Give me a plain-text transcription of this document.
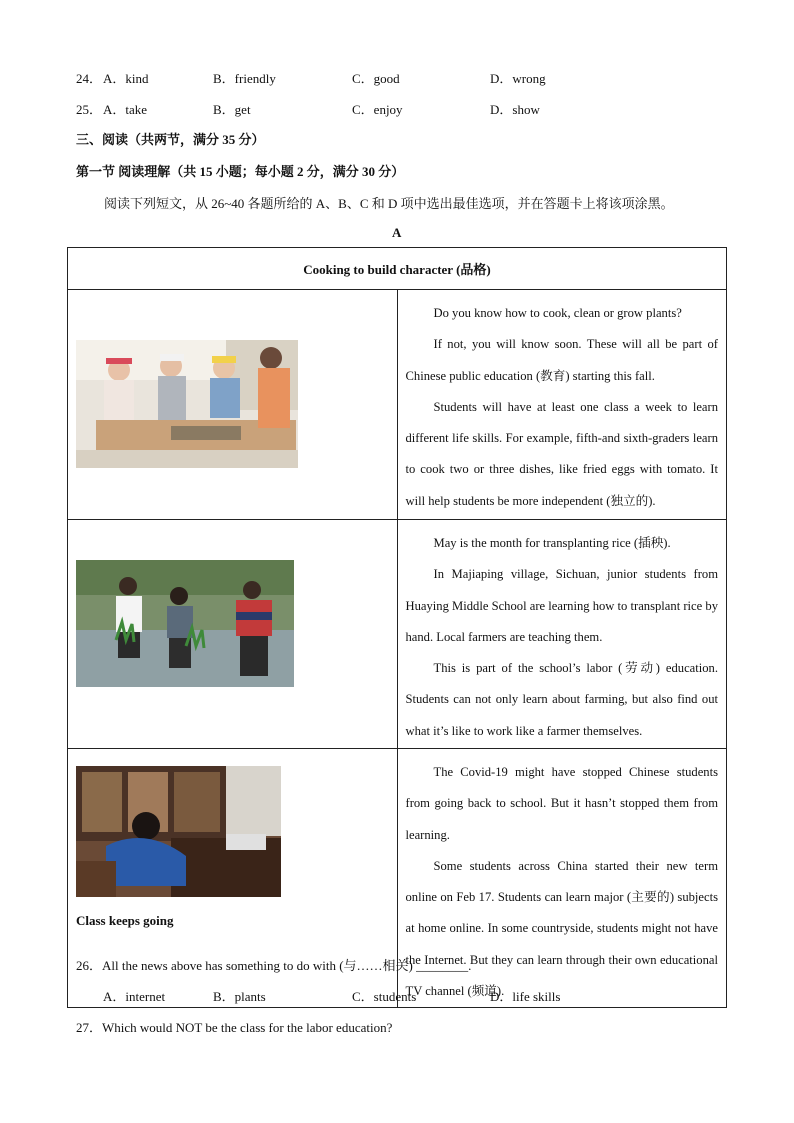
24． A．kind	B．friendly	C．good	D．wrong
25． A．take	B．get	C．enjoy	D．show
三、阅读（共两节，满分 35 分）
第一节 阅读理解（共 15 小题；每小题 2 分，满分 30 分）
阅读下列短文，从 26~40 各题所给的 A、B、C 和 D 项中选出最佳选项，并在答题卡上将该项涂黑。
A
Cooking to build character (品格)	

Do you know how to cook, clean or grow plants?

If not, you will know soon. These will all be part of Chinese public education (教育) starting this fall.

Students will have at least one class a week to learn different life skills. For example, fifth-and sixth-graders learn to cook two or three dishes, like fried eggs with tomato. It will help students be more independent (独立的).

May is the month for transplanting rice (插秧).

In Majiaping village, Sichuan, junior students from Huaying Middle School are learning how to transplant rice by hand. Local farmers are teaching them.

This is part of the school’s labor (劳动) education. Students can not only learn about farming, but also find out what it’s like to work like a farmer themselves.

Class keeps going	The Covid-19 might have stopped Chinese students from going back to school. But it hasn’t stopped them from learning.

Some students across China started their new term online on Feb 17. Students can learn major (主要的) subjects at home online. In some countryside, students might not have the Internet. But they can learn through their own educational TV channel (频道).

26．All the news above has something to do with (与……相关) ________.
A．internet	B．plants	C．students	D．life skills
27．Which would NOT be the class for the labor education?
